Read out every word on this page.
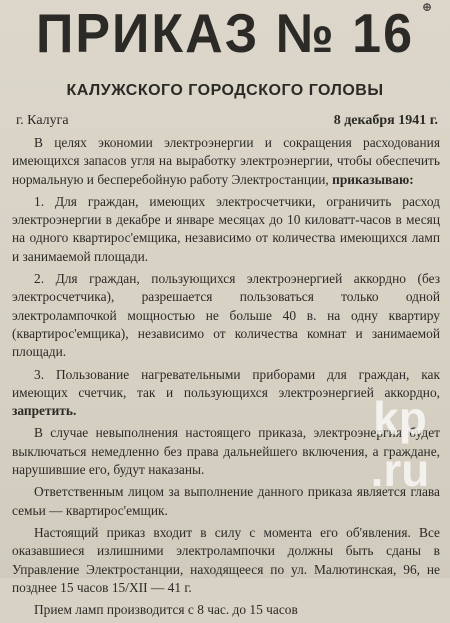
⊕
ПРИКАЗ № 16
КАЛУЖСКОГО ГОРОДСКОГО ГОЛОВЫ
г. Калуга	8 декабря 1941 г.

В целях экономии электроэнергии и сокращения расходования имеющихся запасов угля на выработку электроэнергии, чтобы обеспечить нормальную и бесперебойную работу Электростанции, приказываю:

1. Для граждан, имеющих электросчетчики, ограничить расход электроэнергии в декабре и январе месяцах до 10 киловатт-часов в месяц на одного квартирос'емщика, независимо от количества имеющихся ламп и занимаемой площади.

2. Для граждан, пользующихся электроэнергией аккордно (без электросчетчика), разрешается пользоваться только одной электролампочкой мощностью не больше 40 в. на одну квартиру (квартирос'емщика), независимо от количества комнат и занимаемой площади.

3. Пользование нагревательными приборами для граждан, как имеющих счетчик, так и пользующихся электроэнергией аккордно, запретить.

В случае невыполнения настоящего приказа, электроэнергия будет выключаться немедленно без права дальнейшего включения, а граждане, нарушившие его, будут наказаны.

Ответственным лицом за выполнение данного приказа является глава семьи — квартирос'емщик.

Настоящий приказ входит в силу с момента его об'явления. Все оказавшиеся излишними электролампочки должны быть сданы в Управление Электростанции, находящееся по ул. Малютинская, 96, не позднее 15 часов 15/XII — 41 г.

Прием ламп производится с 8 час. до 15 часов

kp .ru
